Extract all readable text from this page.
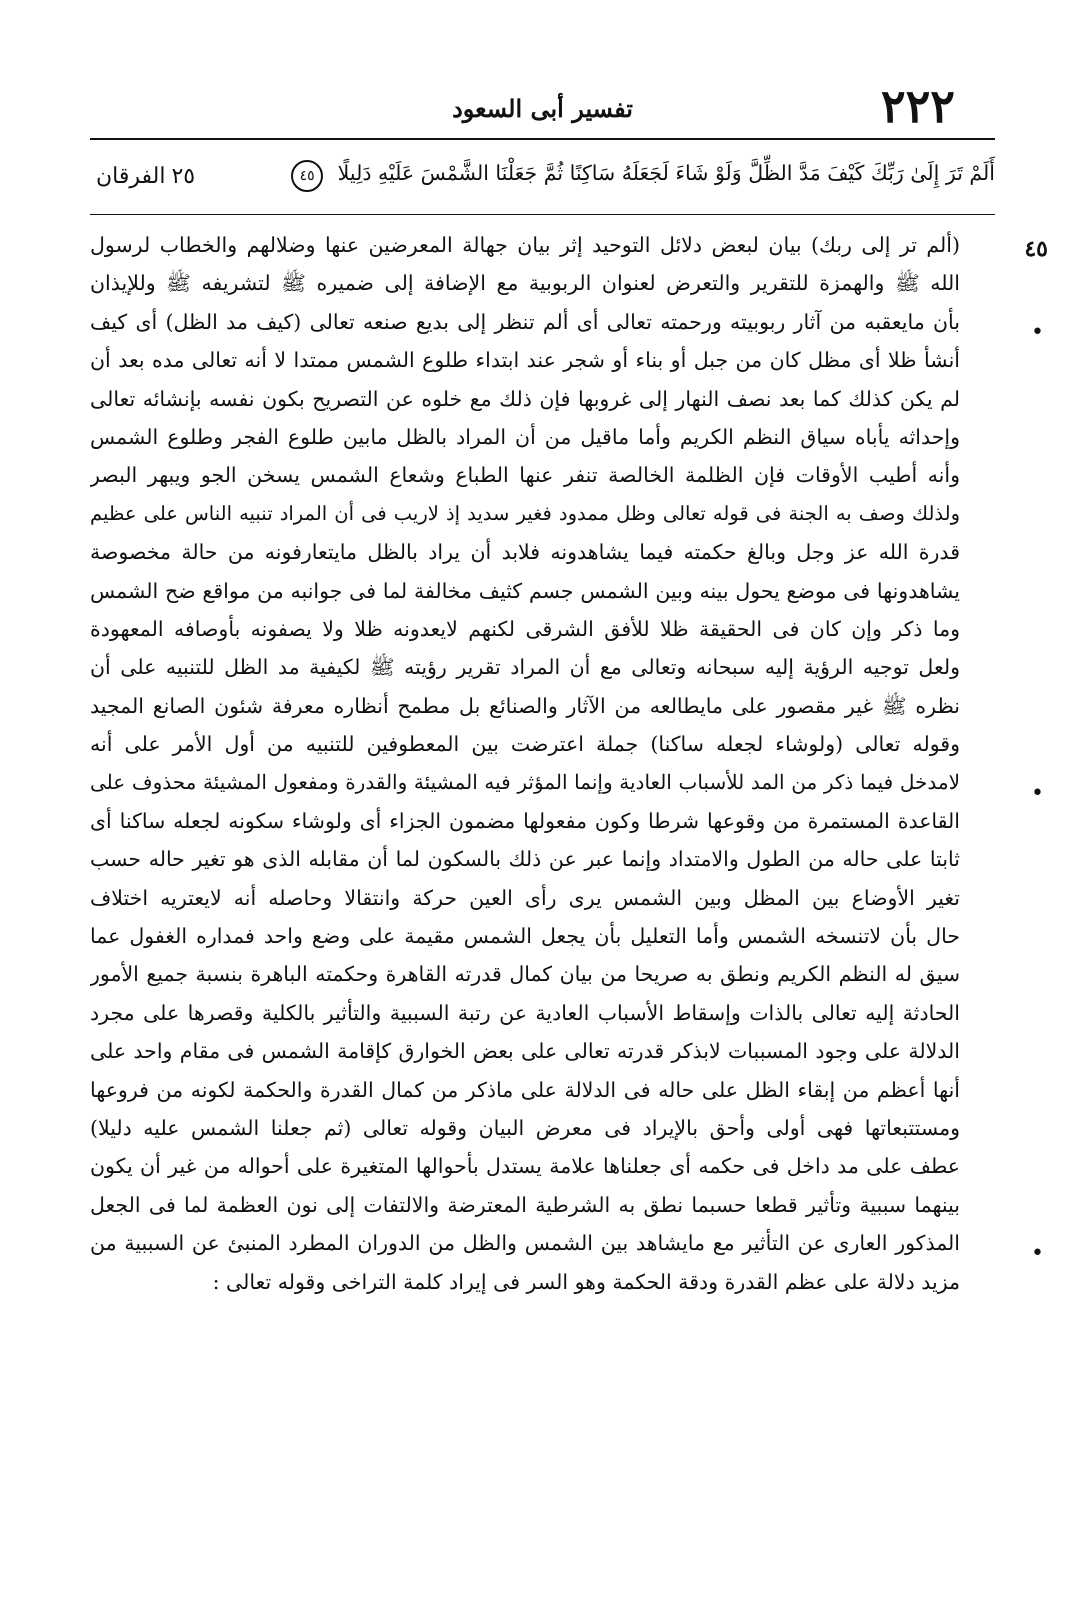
٢٢٢
تفسير أبى السعود
أَلَمْ تَرَ إِلَىٰ رَبِّكَ كَيْفَ مَدَّ الظِّلَّ وَلَوْ شَاءَ لَجَعَلَهُ سَاكِنًا ثُمَّ جَعَلْنَا الشَّمْسَ عَلَيْهِ دَلِيلًا ٤٥
٢٥الفرقان
٤٥
•
•
•
(ألم تر إلى ربك) بيان لبعض دلائل التوحيد إثر بيان جهالة المعرضين عنها وضلالهم والخطاب لرسول
الله ﷺ والهمزة للتقرير والتعرض لعنوان الربوبية مع الإضافة إلى ضميره ﷺ لتشريفه ﷺ وللإيذان
بأن مايعقبه من آثار ربوبيته ورحمته تعالى أى ألم تنظر إلى بديع صنعه تعالى (كيف مد الظل) أى كيف
أنشأ ظلا أى مظل كان من جبل أو بناء أو شجر عند ابتداء طلوع الشمس ممتدا لا أنه تعالى مده بعد أن
لم يكن كذلك كما بعد نصف النهار إلى غروبها فإن ذلك مع خلوه عن التصريح بكون نفسه بإنشائه تعالى
وإحداثه يأباه سياق النظم الكريم وأما ماقيل من أن المراد بالظل مابين طلوع الفجر وطلوع الشمس
وأنه أطيب الأوقات فإن الظلمة الخالصة تنفر عنها الطباع وشعاع الشمس يسخن الجو ويبهر البصر
ولذلك وصف به الجنة فى قوله تعالى وظل ممدود فغير سديد إذ لاريب فى أن المراد تنبيه الناس على عظيم
قدرة الله عز وجل وبالغ حكمته فيما يشاهدونه فلابد أن يراد بالظل مايتعارفونه من حالة مخصوصة
يشاهدونها فى موضع يحول بينه وبين الشمس جسم كثيف مخالفة لما فى جوانبه من مواقع ضح الشمس
وما ذكر وإن كان فى الحقيقة ظلا للأفق الشرقى لكنهم لايعدونه ظلا ولا يصفونه بأوصافه المعهودة
ولعل توجيه الرؤية إليه سبحانه وتعالى مع أن المراد تقرير رؤيته ﷺ لكيفية مد الظل للتنبيه على أن
نظره ﷺ غير مقصور على مايطالعه من الآثار والصنائع بل مطمح أنظاره معرفة شئون الصانع المجيد
وقوله تعالى (ولوشاء لجعله ساكنا) جملة اعترضت بين المعطوفين للتنبيه من أول الأمر على أنه
لامدخل فيما ذكر من المد للأسباب العادية وإنما المؤثر فيه المشيئة والقدرة ومفعول المشيئة محذوف على
القاعدة المستمرة من وقوعها شرطا وكون مفعولها مضمون الجزاء أى ولوشاء سكونه لجعله ساكنا أى
ثابتا على حاله من الطول والامتداد وإنما عبر عن ذلك بالسكون لما أن مقابله الذى هو تغير حاله حسب
تغير الأوضاع بين المظل وبين الشمس يرى رأى العين حركة وانتقالا وحاصله أنه لايعتريه اختلاف
حال بأن لاتنسخه الشمس وأما التعليل بأن يجعل الشمس مقيمة على وضع واحد فمداره الغفول عما
سيق له النظم الكريم ونطق به صريحا من بيان كمال قدرته القاهرة وحكمته الباهرة بنسبة جميع الأمور
الحادثة إليه تعالى بالذات وإسقاط الأسباب العادية عن رتبة السببية والتأثير بالكلية وقصرها على مجرد
الدلالة على وجود المسببات لابذكر قدرته تعالى على بعض الخوارق كإقامة الشمس فى مقام واحد على
أنها أعظم من إبقاء الظل على حاله فى الدلالة على ماذكر من كمال القدرة والحكمة لكونه من فروعها
ومستتبعاتها فهى أولى وأحق بالإيراد فى معرض البيان وقوله تعالى (ثم جعلنا الشمس عليه دليلا)
عطف على مد داخل فى حكمه أى جعلناها علامة يستدل بأحوالها المتغيرة على أحواله من غير أن يكون
بينهما سببية وتأثير قطعا حسبما نطق به الشرطية المعترضة والالتفات إلى نون العظمة لما فى الجعل
المذكور العارى عن التأثير مع مايشاهد بين الشمس والظل من الدوران المطرد المنبئ عن السببية من
مزيد دلالة على عظم القدرة ودقة الحكمة وهو السر فى إيراد كلمة التراخى وقوله تعالى :
